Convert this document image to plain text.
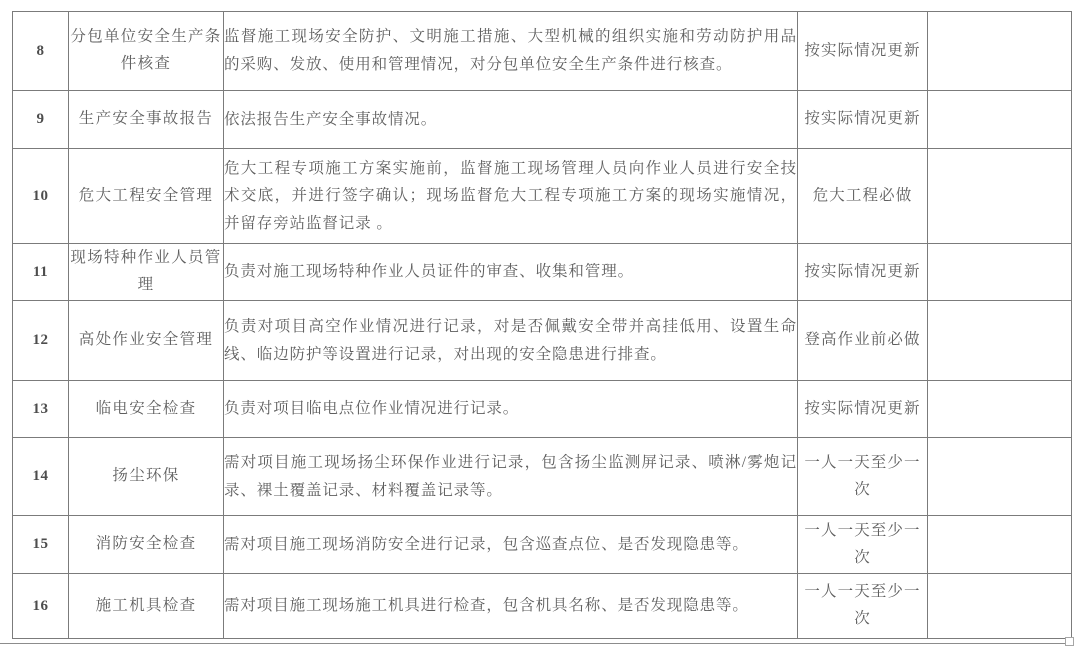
8	分包单位安全生产条件核查	监督施工现场安全防护、文明施工措施、大型机械的组织实施和劳动防护用品的采购、发放、使用和管理情况，对分包单位安全生产条件进行核查。	按实际情况更新	
9	生产安全事故报告	依法报告生产安全事故情况。	按实际情况更新	
10	危大工程安全管理	危大工程专项施工方案实施前，监督施工现场管理人员向作业人员进行安全技术交底，并进行签字确认；现场监督危大工程专项施工方案的现场实施情况，并留存旁站监督记录 。	危大工程必做	
11	现场特种作业人员管理	负责对施工现场特种作业人员证件的审查、收集和管理。	按实际情况更新	
12	高处作业安全管理	负责对项目高空作业情况进行记录，对是否佩戴安全带并高挂低用、设置生命线、临边防护等设置进行记录，对出现的安全隐患进行排查。	登高作业前必做	
13	临电安全检查	负责对项目临电点位作业情况进行记录。	按实际情况更新	
14	扬尘环保	需对项目施工现场扬尘环保作业进行记录，包含扬尘监测屏记录、喷淋/雾炮记录、裸土覆盖记录、材料覆盖记录等。	一人一天至少一次	
15	消防安全检查	需对项目施工现场消防安全进行记录，包含巡查点位、是否发现隐患等。	一人一天至少一次	
16	施工机具检查	需对项目施工现场施工机具进行检查，包含机具名称、是否发现隐患等。	一人一天至少一次	
